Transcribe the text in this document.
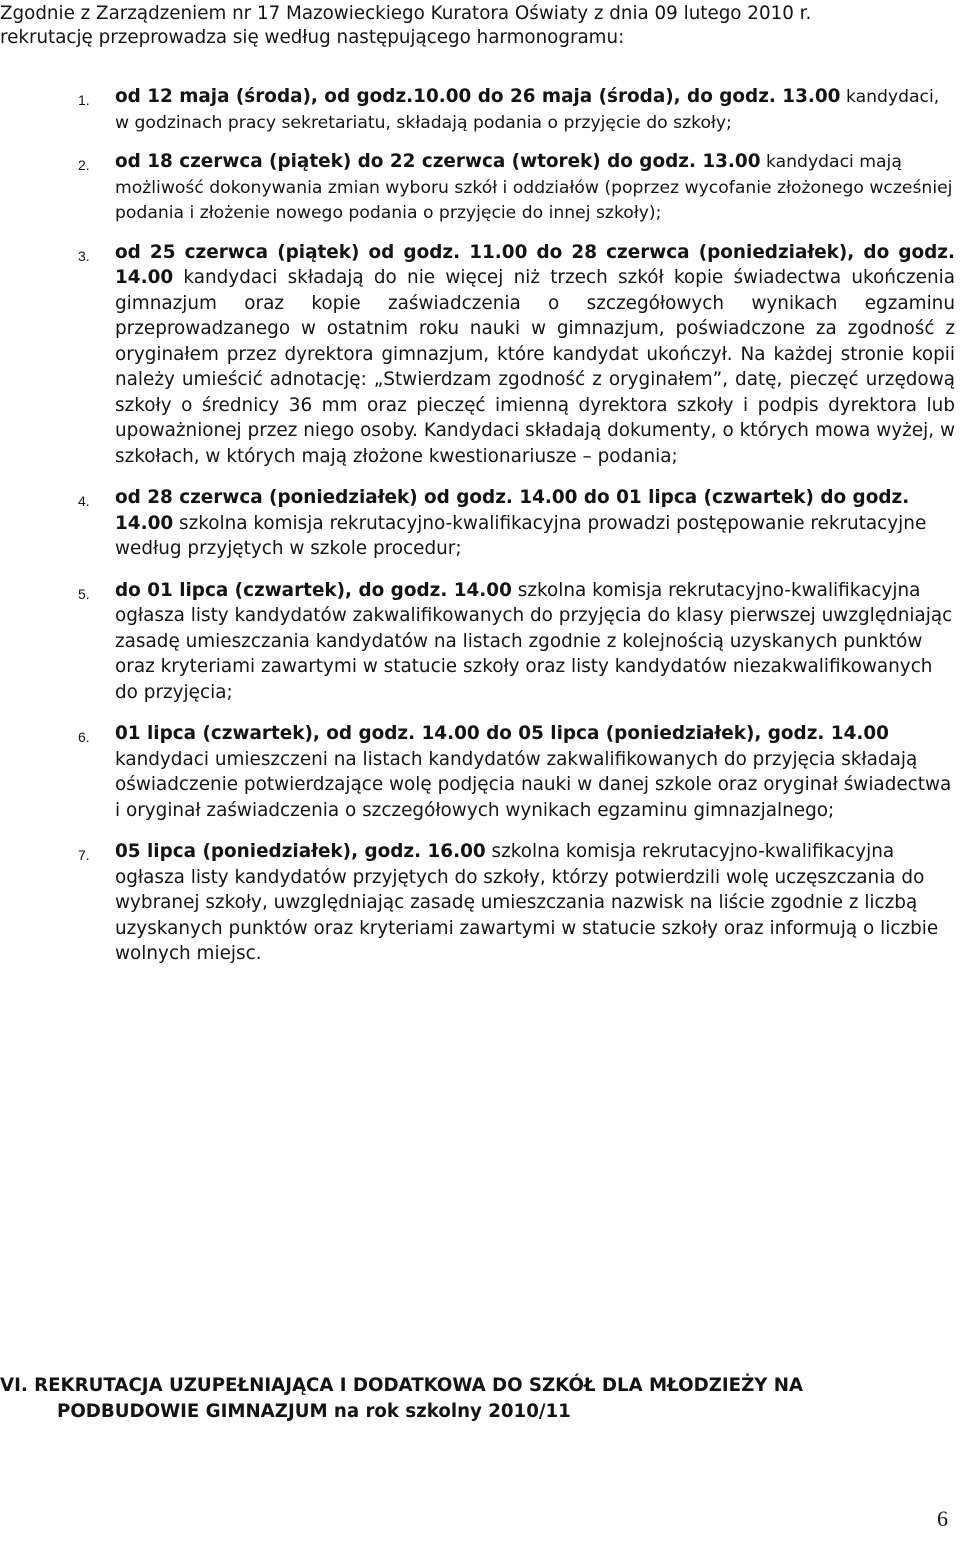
Zgodnie z Zarządzeniem nr 17 Mazowieckiego Kuratora Oświaty z dnia 09 lutego 2010 r.

rekrutację przeprowadza się według następującego harmonogramu:

1. od 12 maja (środa), od godz.10.00 do 26 maja (środa), do godz. 13.00 kandydaci, w godzinach pracy sekretariatu, składają podania o przyjęcie do szkoły;

2. od 18 czerwca (piątek) do 22 czerwca (wtorek) do godz. 13.00 kandydaci mają możliwość dokonywania zmian wyboru szkół i oddziałów (poprzez wycofanie złożonego wcześniej podania i złożenie nowego podania o przyjęcie do innej szkoły);

3. od 25 czerwca (piątek) od godz. 11.00 do 28 czerwca (poniedziałek), do godz. 14.00 kandydaci składają do nie więcej niż trzech szkół kopie świadectwa ukończenia gimnazjum oraz kopie zaświadczenia o szczegółowych wynikach egzaminu przeprowadzanego w ostatnim roku nauki w gimnazjum, poświadczone za zgodność z oryginałem przez dyrektora gimnazjum, które kandydat ukończył. Na każdej stronie kopii należy umieścić adnotację: „Stwierdzam zgodność z oryginałem”, datę, pieczęć urzędową szkoły o średnicy 36 mm oraz pieczęć imienną dyrektora szkoły i podpis dyrektora lub upoważnionej przez niego osoby. Kandydaci składają dokumenty, o których mowa wyżej, w szkołach, w których mają złożone kwestionariusze – podania;

4. od 28 czerwca (poniedziałek) od godz. 14.00 do 01 lipca (czwartek) do godz. 14.00 szkolna komisja rekrutacyjno-kwalifikacyjna prowadzi postępowanie rekrutacyjne według przyjętych w szkole procedur;

5. do 01 lipca (czwartek), do godz. 14.00 szkolna komisja rekrutacyjno-kwalifikacyjna ogłasza listy kandydatów zakwalifikowanych do przyjęcia do klasy pierwszej uwzględniając zasadę umieszczania kandydatów na listach zgodnie z kolejnością uzyskanych punktów oraz kryteriami zawartymi w statucie szkoły oraz listy kandydatów niezakwalifikowanych do przyjęcia;

6. 01 lipca (czwartek), od godz. 14.00 do 05 lipca (poniedziałek), godz. 14.00 kandydaci umieszczeni na listach kandydatów zakwalifikowanych do przyjęcia składają oświadczenie potwierdzające wolę podjęcia nauki w danej szkole oraz oryginał świadectwa i oryginał zaświadczenia o szczegółowych wynikach egzaminu gimnazjalnego;

7. 05 lipca (poniedziałek), godz. 16.00 szkolna komisja rekrutacyjno-kwalifikacyjna ogłasza listy kandydatów przyjętych do szkoły, którzy potwierdzili wolę uczęszczania do wybranej szkoły, uwzględniając zasadę umieszczania nazwisk na liście zgodnie z liczbą uzyskanych punktów oraz kryteriami zawartymi w statucie szkoły oraz informują o liczbie wolnych miejsc.

VI. REKRUTACJA UZUPEŁNIAJĄCA I DODATKOWA DO SZKÓŁ DLA MŁODZIEŻY NA
PODBUDOWIE GIMNAZJUM na rok szkolny 2010/11
6
